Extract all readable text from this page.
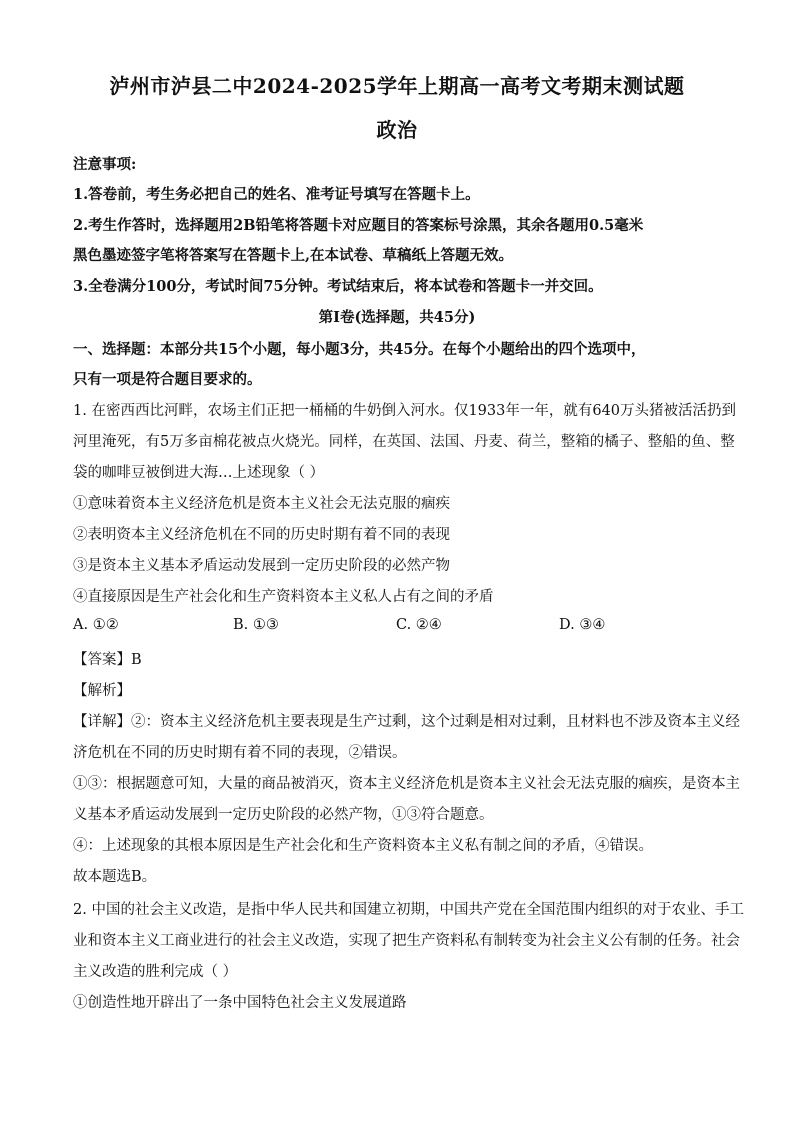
泸州市泸县二中2024-2025学年上期高一高考文考期末测试题
政治
注意事项:
1.答卷前，考生务必把自己的姓名、准考证号填写在答题卡上。
2.考生作答时，选择题用2B铅笔将答题卡对应题目的答案标号涂黑，其余各题用0.5毫米
黑色墨迹签字笔将答案写在答题卡上,在本试卷、草稿纸上答题无效。
3.全卷满分100分，考试时间75分钟。考试结束后，将本试卷和答题卡一并交回。
第I卷(选择题，共45分)
一、选择题：本部分共15个小题，每小题3分，共45分。在每个小题给出的四个选项中，
只有一项是符合题目要求的。
1. 在密西西比河畔，农场主们正把一桶桶的牛奶倒入河水。仅1933年一年，就有640万头猪被活活扔到
河里淹死，有5万多亩棉花被点火烧光。同样，在英国、法国、丹麦、荷兰，整箱的橘子、整船的鱼、整
袋的咖啡豆被倒进大海…上述现象（ ）
①意味着资本主义经济危机是资本主义社会无法克服的痼疾
②表明资本主义经济危机在不同的历史时期有着不同的表现
③是资本主义基本矛盾运动发展到一定历史阶段的必然产物
④直接原因是生产社会化和生产资料资本主义私人占有之间的矛盾
A. ①②	B. ①③	C. ②④	D. ③④
【答案】B
【解析】
【详解】②：资本主义经济危机主要表现是生产过剩，这个过剩是相对过剩，且材料也不涉及资本主义经
济危机在不同的历史时期有着不同的表现，②错误。
①③：根据题意可知，大量的商品被消灭，资本主义经济危机是资本主义社会无法克服的痼疾，是资本主
义基本矛盾运动发展到一定历史阶段的必然产物，①③符合题意。
④：上述现象的其根本原因是生产社会化和生产资料资本主义私有制之间的矛盾，④错误。
故本题选B。
2. 中国的社会主义改造，是指中华人民共和国建立初期，中国共产党在全国范围内组织的对于农业、手工
业和资本主义工商业进行的社会主义改造，实现了把生产资料私有制转变为社会主义公有制的任务。社会
主义改造的胜利完成（ ）
①创造性地开辟出了一条中国特色社会主义发展道路
